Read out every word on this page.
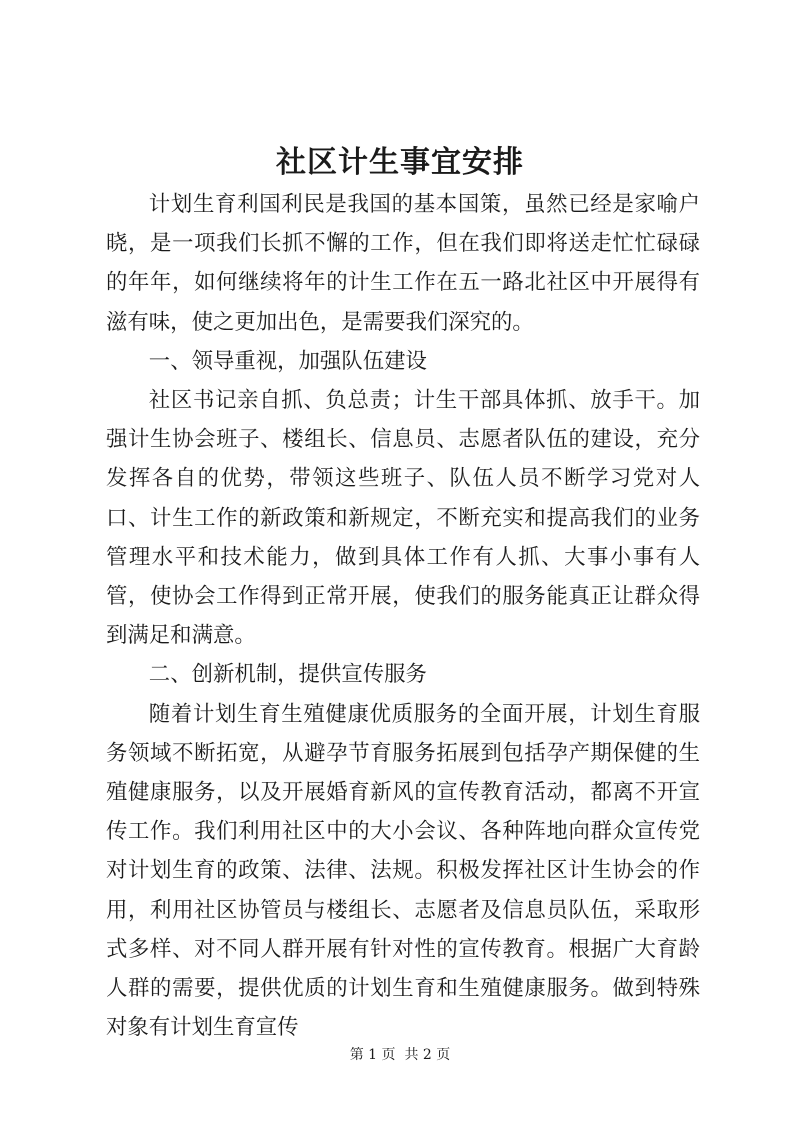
社区计生事宜安排

计划生育利国利民是我国的基本国策，虽然已经是家喻户晓，是一项我们长抓不懈的工作，但在我们即将送走忙忙碌碌的年年，如何继续将年的计生工作在五一路北社区中开展得有滋有味，使之更加出色，是需要我们深究的。

一、领导重视，加强队伍建设

社区书记亲自抓、负总责；计生干部具体抓、放手干。加强计生协会班子、楼组长、信息员、志愿者队伍的建设，充分发挥各自的优势，带领这些班子、队伍人员不断学习党对人口、计生工作的新政策和新规定，不断充实和提高我们的业务管理水平和技术能力，做到具体工作有人抓、大事小事有人管，使协会工作得到正常开展，使我们的服务能真正让群众得到满足和满意。

二、创新机制，提供宣传服务

随着计划生育生殖健康优质服务的全面开展，计划生育服务领域不断拓宽，从避孕节育服务拓展到包括孕产期保健的生殖健康服务，以及开展婚育新风的宣传教育活动，都离不开宣传工作。我们利用社区中的大小会议、各种阵地向群众宣传党对计划生育的政策、法律、法规。积极发挥社区计生协会的作用，利用社区协管员与楼组长、志愿者及信息员队伍，采取形式多样、对不同人群开展有针对性的宣传教育。根据广大育龄人群的需要，提供优质的计划生育和生殖健康服务。做到特殊对象有计划生育宣传

第 1 页  共 2 页
